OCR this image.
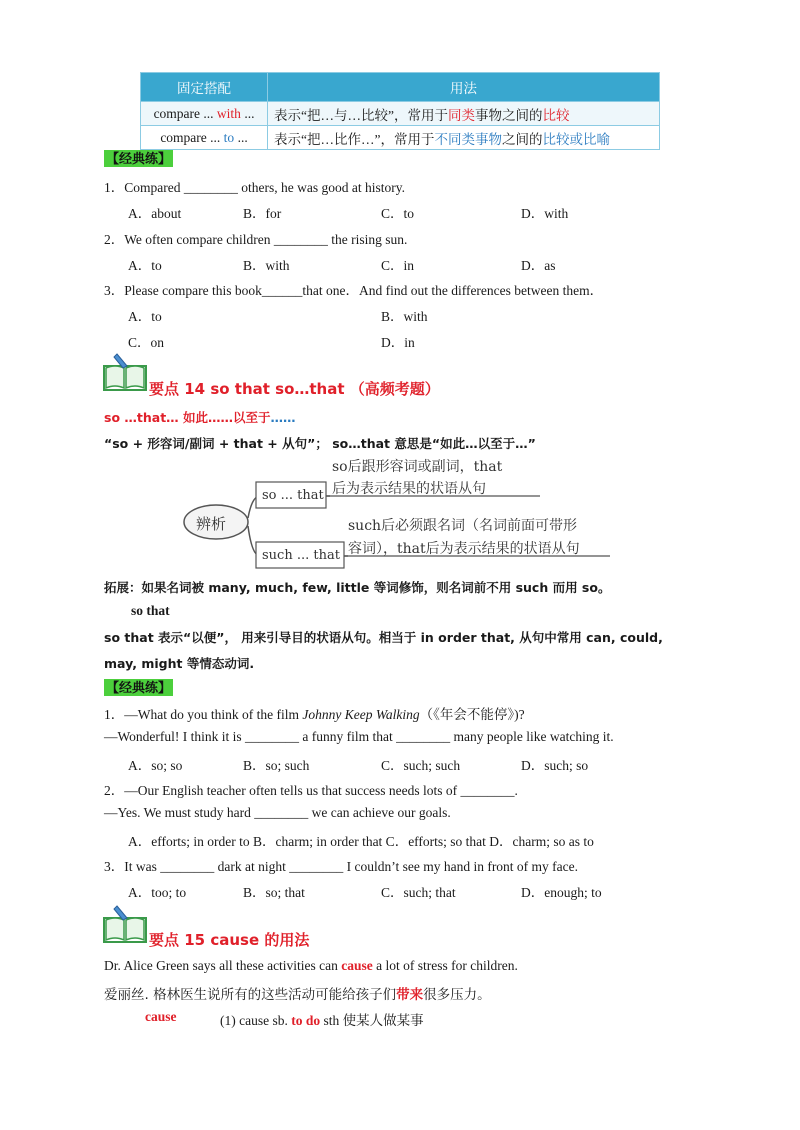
固定搭配	用法
compare ... with ...	表示“把…与…比较”，常用于同类事物之间的比较
compare ... to ...	表示“把…比作…”，常用于不同类事物之间的比较或比喻
【经典练】
1．Compared ________ others, he was good at history.
A．about	B．for	C．to	D．with
2．We often compare children ________ the rising sun.
A．to	B．with	C．in	D．as
3．Please compare this book______that one．And find out the differences between them．
A．to	B．with
C．on	D．in
要点 14 so that so…that （高频考题）
so …that… 如此……以至于……
“so + 形容词/副词 + that + 从句”； so…that 意思是“如此…以至于…”
辨析
so ... that
so后跟形容词或副词，that
后为表示结果的状语从句
such ... that
such后必须跟名词（名词前面可带形
容词），that后为表示结果的状语从句
拓展：如果名词被 many, much, few, little 等词修饰，则名词前不用 such 而用 so。
so that
so that 表示“以便”， 用来引导目的状语从句。相当于 in order that, 从句中常用 can, could,
may, might 等情态动词.
【经典练】
1．—What do you think of the film Johnny Keep Walking（《年会不能停》)?
—Wonderful! I think it is ________ a funny film that ________ many people like watching it.
A．so; so	B．so; such	C．such; such	D．such; so
2．—Our English teacher often tells us that success needs lots of ________.
—Yes. We must study hard ________ we can achieve our goals.
A．efforts; in order to B．charm; in order that C．efforts; so that D．charm; so as to
3．It was ________ dark at night ________ I couldn’t see my hand in front of my face.
A．too; to	B．so; that	C．such; that	D．enough; to
要点 15 cause 的用法
Dr. Alice Green says all these activities can cause a lot of stress for children.
爱丽丝. 格林医生说所有的这些活动可能给孩子们带来很多压力。
cause	(1) cause sb. to do sth 使某人做某事
